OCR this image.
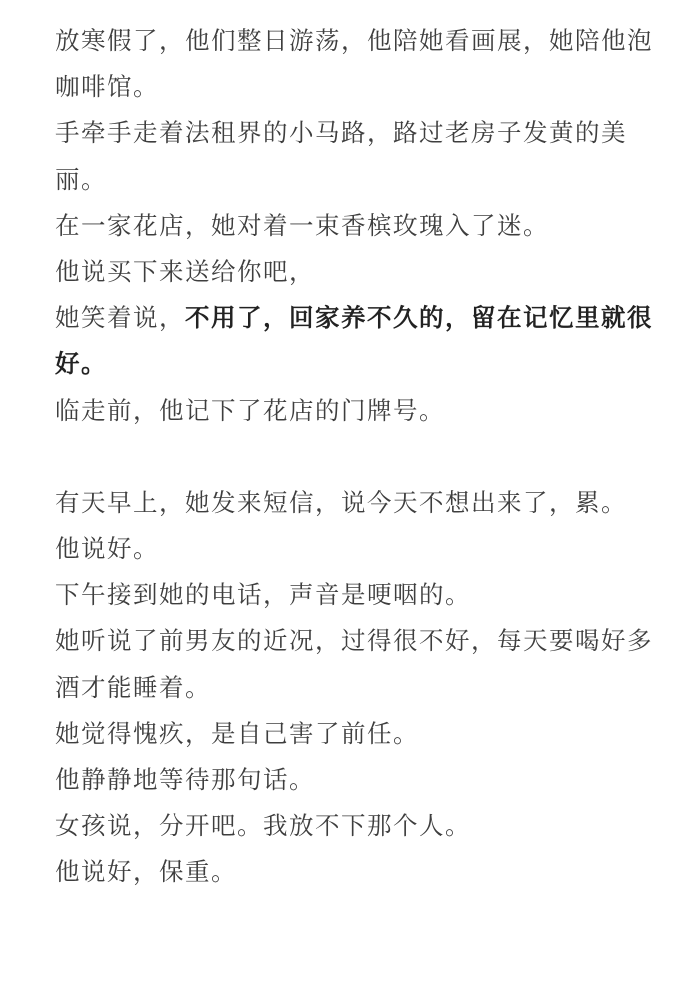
放寒假了，他们整日游荡，他陪她看画展，她陪他泡咖啡馆。

手牵手走着法租界的小马路，路过老房子发黄的美丽。

在一家花店，她对着一束香槟玫瑰入了迷。

他说买下来送给你吧，

她笑着说，不用了，回家养不久的，留在记忆里就很好。

临走前，他记下了花店的门牌号。

有天早上，她发来短信，说今天不想出来了，累。

他说好。

下午接到她的电话，声音是哽咽的。

她听说了前男友的近况，过得很不好，每天要喝好多酒才能睡着。

她觉得愧疚，是自己害了前任。

他静静地等待那句话。

女孩说，分开吧。我放不下那个人。

他说好，保重。
